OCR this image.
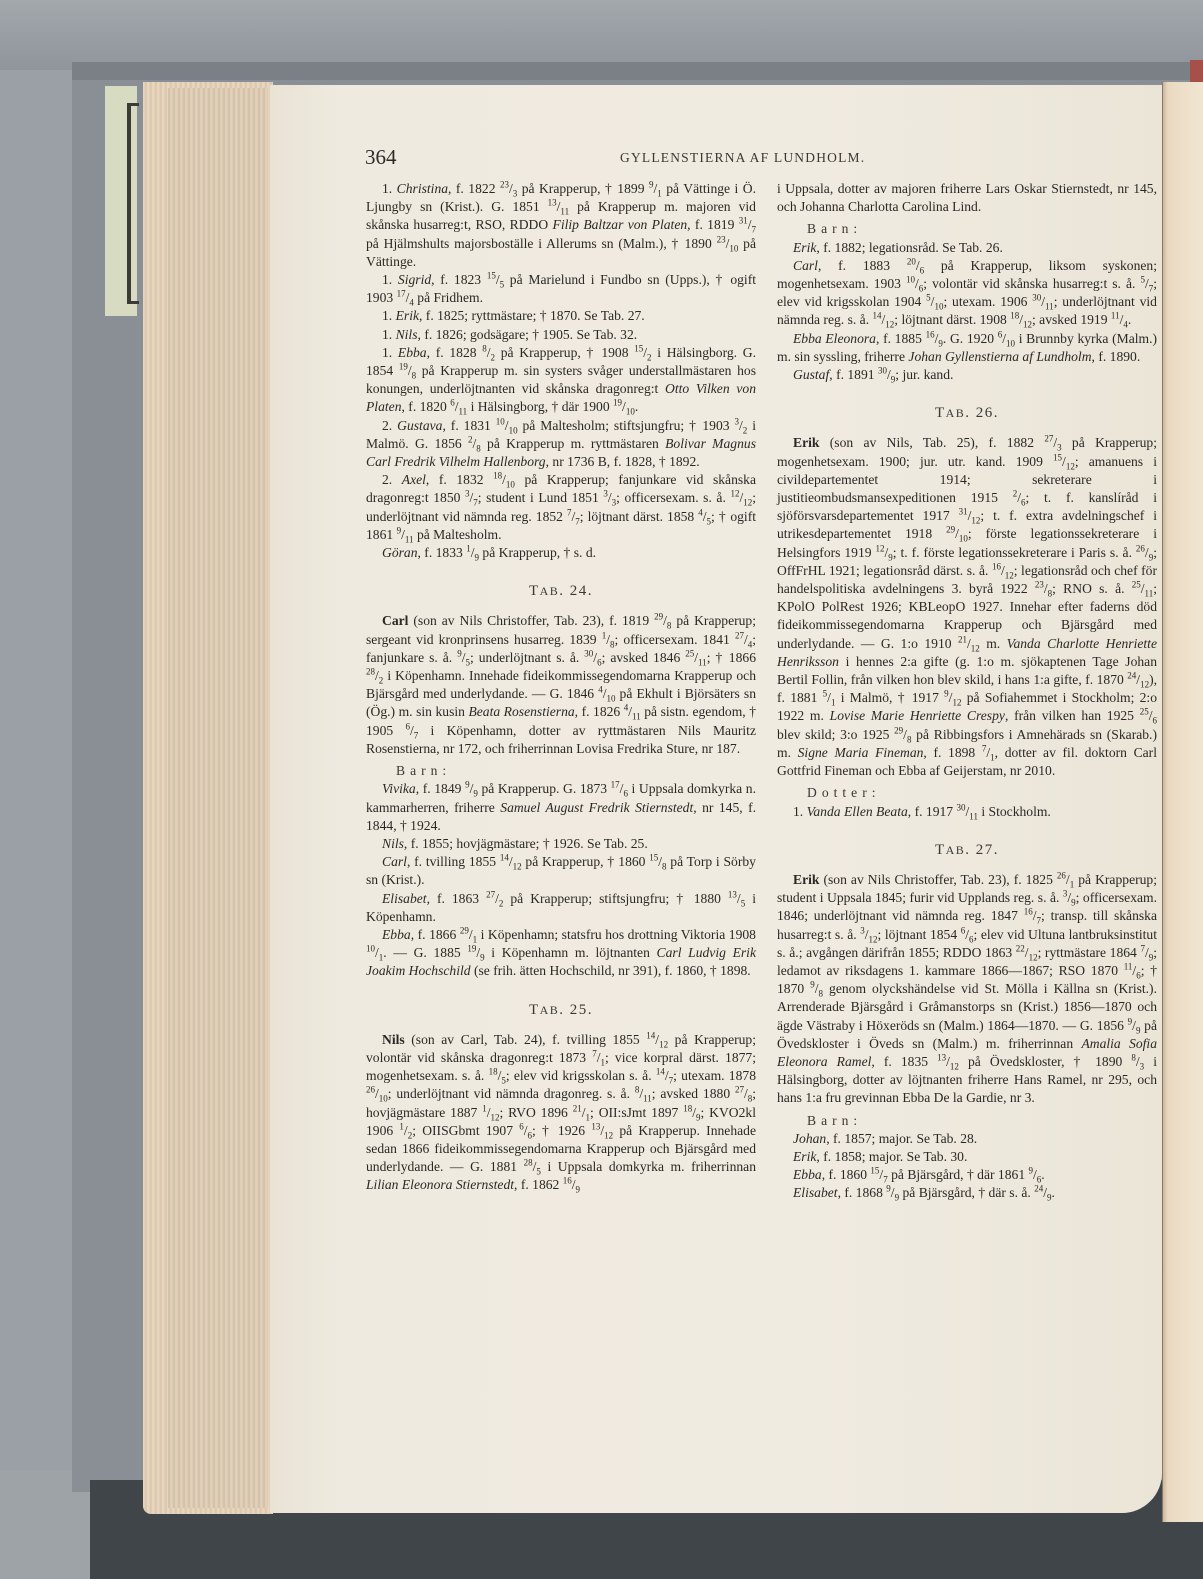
364	GYLLENSTIERNA AF LUNDHOLM.
1. Christina, f. 1822 $^{23}/_3$ på Krapperup, † 1899 $^9/_1$ på Vättinge i Ö. Ljungby sn (Krist.). G. 1851 $^{13}/_{11}$ på Krapperup m. majoren vid skånska husarreg:t, RSO, RDDO Filip Baltzar von Platen, f. 1819 $^{31}/_7$ på Hjälmshults majorsboställe i Allerums sn (Malm.), † 1890 $^{23}/_{10}$ på Vättinge.
1. Sigrid, f. 1823 $^{15}/_5$ på Marielund i Fundbo sn (Upps.), † ogift 1903 $^{17}/_4$ på Fridhem.
1. Erik, f. 1825; ryttmästare; † 1870. Se Tab. 27.
1. Nils, f. 1826; godsägare; † 1905. Se Tab. 32.
1. Ebba, f. 1828 $^8/_2$ på Krapperup, † 1908 $^{15}/_2$ i Hälsingborg. G. 1854 $^{19}/_8$ på Krapperup m. sin systers svåger understallmästaren hos konungen, underlöjtnanten vid skånska dragonreg:t Otto Vilken von Platen, f. 1820 $^6/_{11}$ i Hälsingborg, † där 1900 $^{19}/_{10}$.
2. Gustava, f. 1831 $^{10}/_{10}$ på Maltesholm; stiftsjungfru; † 1903 $^3/_2$ i Malmö. G. 1856 $^2/_8$ på Krapperup m. ryttmästaren Bolivar Magnus Carl Fredrik Vilhelm Hallenborg, nr 1736 B, f. 1828, † 1892.
2. Axel, f. 1832 $^{18}/_{10}$ på Krapperup; fanjunkare vid skånska dragonreg:t 1850 $^3/_7$; student i Lund 1851 $^3/_3$; officersexam. s. å. $^{12}/_{12}$; underlöjtnant vid nämnda reg. 1852 $^7/_7$; löjtnant därst. 1858 $^4/_5$; † ogift 1861 $^9/_{11}$ på Maltesholm.
Göran, f. 1833 $^1/_9$ på Krapperup, † s. d.
TAB. 24.
Carl (son av Nils Christoffer, Tab. 23), f. 1819 $^{29}/_8$ på Krapperup; sergeant vid kronprinsens husarreg. 1839 $^1/_8$; officersexam. 1841 $^{27}/_4$; fanjunkare s. å. $^9/_5$; underlöjtnant s. å. $^{30}/_6$; avsked 1846 $^{25}/_{11}$; † 1866 $^{28}/_2$ i Köpenhamn. Innehade fideikommissegendomarna Krapperup och Bjärsgård med underlydande. — G. 1846 $^4/_{10}$ på Ekhult i Björsäters sn (Ög.) m. sin kusin Beata Rosenstierna, f. 1826 $^4/_{11}$ på sistn. egendom, † 1905 $^6/_7$ i Köpenhamn, dotter av ryttmästaren Nils Mauritz Rosenstierna, nr 172, och friherrinnan Lovisa Fredrika Sture, nr 187.
Barn:
Vivika, f. 1849 $^9/_9$ på Krapperup. G. 1873 $^{17}/_6$ i Uppsala domkyrka n. kammarherren, friherre Samuel August Fredrik Stiernstedt, nr 145, f. 1844, † 1924.
Nils, f. 1855; hovjägmästare; † 1926. Se Tab. 25.
Carl, f. tvilling 1855 $^{14}/_{12}$ på Krapperup, † 1860 $^{15}/_8$ på Torp i Sörby sn (Krist.).
Elisabet, f. 1863 $^{27}/_2$ på Krapperup; stiftsjungfru; † 1880 $^{13}/_5$ i Köpenhamn.
Ebba, f. 1866 $^{29}/_1$ i Köpenhamn; statsfru hos drottning Viktoria 1908 $^{10}/_1$. — G. 1885 $^{19}/_9$ i Köpenhamn m. löjtnanten Carl Ludvig Erik Joakim Hochschild (se frih. ätten Hochschild, nr 391), f. 1860, † 1898.
TAB. 25.
Nils (son av Carl, Tab. 24), f. tvilling 1855 $^{14}/_{12}$ på Krapperup; volontär vid skånska dragonreg:t 1873 $^7/_1$; vice korpral därst. 1877; mogenhetsexam. s. å. $^{18}/_5$; elev vid krigsskolan s. å. $^{14}/_7$; utexam. 1878 $^{26}/_{10}$; underlöjtnant vid nämnda dragonreg. s. å. $^8/_{11}$; avsked 1880 $^{27}/_8$; hovjägmästare 1887 $^1/_{12}$; RVO 1896 $^{21}/_1$; OII:sJmt 1897 $^{18}/_9$; KVO2kl 1906 $^1/_2$; OIISGbmt 1907 $^6/_6$; † 1926 $^{13}/_{12}$ på Krapperup. Innehade sedan 1866 fideikommissegendomarna Krapperup och Bjärsgård med underlydande. — G. 1881 $^{28}/_5$ i Uppsala domkyrka m. friherrinnan Lilian Eleonora Stiernstedt, f. 1862 $^{16}/_9$
i Uppsala, dotter av majoren friherre Lars Oskar Stiernstedt, nr 145, och Johanna Charlotta Carolina Lind.
Barn:
Erik, f. 1882; legationsråd. Se Tab. 26.
Carl, f. 1883 $^{20}/_6$ på Krapperup, liksom syskonen; mogenhetsexam. 1903 $^{10}/_6$; volontär vid skånska husarreg:t s. å. $^5/_7$; elev vid krigsskolan 1904 $^5/_{10}$; utexam. 1906 $^{30}/_{11}$; underlöjtnant vid nämnda reg. s. å. $^{14}/_{12}$; löjtnant därst. 1908 $^{18}/_{12}$; avsked 1919 $^{11}/_4$.
Ebba Eleonora, f. 1885 $^{16}/_9$. G. 1920 $^6/_{10}$ i Brunnby kyrka (Malm.) m. sin syssling, friherre Johan Gyllenstierna af Lundholm, f. 1890.
Gustaf, f. 1891 $^{30}/_9$; jur. kand.
TAB. 26.
Erik (son av Nils, Tab. 25), f. 1882 $^{27}/_3$ på Krapperup; mogenhetsexam. 1900; jur. utr. kand. 1909 $^{15}/_{12}$; amanuens i civildepartementet 1914; sekreterare i justitieombudsmansexpeditionen 1915 $^2/_6$; t. f. kanslíråd i sjöförsvarsdepartementet 1917 $^{31}/_{12}$; t. f. extra avdelningschef i utrikesdepartementet 1918 $^{29}/_{10}$; förste legationssekreterare i Helsingfors 1919 $^{12}/_9$; t. f. förste legationssekreterare i Paris s. å. $^{26}/_9$; OffFrHL 1921; legationsråd därst. s. å. $^{16}/_{12}$; legationsråd och chef för handelspolitiska avdelningens 3. byrå 1922 $^{23}/_8$; RNO s. å. $^{25}/_{11}$; KPolO PolRest 1926; KBLeopO 1927. Innehar efter faderns död fideikommissegendomarna Krapperup och Bjärsgård med underlydande. — G. 1:o 1910 $^{21}/_{12}$ m. Vanda Charlotte Henriette Henriksson i hennes 2:a gifte (g. 1:o m. sjökaptenen Tage Johan Bertil Follin, från vilken hon blev skild, i hans 1:a gifte, f. 1870 $^{24}/_{12}$), f. 1881 $^5/_1$ i Malmö, † 1917 $^9/_{12}$ på Sofiahemmet i Stockholm; 2:o 1922 m. Lovise Marie Henriette Crespy, från vilken han 1925 $^{25}/_6$ blev skild; 3:o 1925 $^{29}/_8$ på Ribbingsfors i Amnehärads sn (Skarab.) m. Signe Maria Fineman, f. 1898 $^7/_1$, dotter av fil. doktorn Carl Gottfrid Fineman och Ebba af Geijerstam, nr 2010.
Dotter:
1. Vanda Ellen Beata, f. 1917 $^{30}/_{11}$ i Stockholm.
TAB. 27.
Erik (son av Nils Christoffer, Tab. 23), f. 1825 $^{26}/_1$ på Krapperup; student i Uppsala 1845; furir vid Upplands reg. s. å. $^3/_9$; officersexam. 1846; underlöjtnant vid nämnda reg. 1847 $^{16}/_7$; transp. till skånska husarreg:t s. å. $^3/_{12}$; löjtnant 1854 $^6/_6$; elev vid Ultuna lantbruksinstitut s. å.; avgången därifrån 1855; RDDO 1863 $^{22}/_{12}$; ryttmästare 1864 $^7/_9$; ledamot av riksdagens 1. kammare 1866—1867; RSO 1870 $^{11}/_6$; † 1870 $^9/_8$ genom olyckshändelse vid St. Mölla i Källna sn (Krist.). Arrenderade Bjärsgård i Gråmanstorps sn (Krist.) 1856—1870 och ägde Västraby i Höxeröds sn (Malm.) 1864—1870. — G. 1856 $^9/_9$ på Övedskloster i Öveds sn (Malm.) m. friherrinnan Amalia Sofia Eleonora Ramel, f. 1835 $^{13}/_{12}$ på Övedskloster, † 1890 $^8/_3$ i Hälsingborg, dotter av löjtnanten friherre Hans Ramel, nr 295, och hans 1:a fru grevinnan Ebba De la Gardie, nr 3.
Barn:
Johan, f. 1857; major. Se Tab. 28.
Erik, f. 1858; major. Se Tab. 30.
Ebba, f. 1860 $^{15}/_7$ på Bjärsgård, † där 1861 $^9/_6$.
Elisabet, f. 1868 $^9/_9$ på Bjärsgård, † där s. å. $^{24}/_9$.
